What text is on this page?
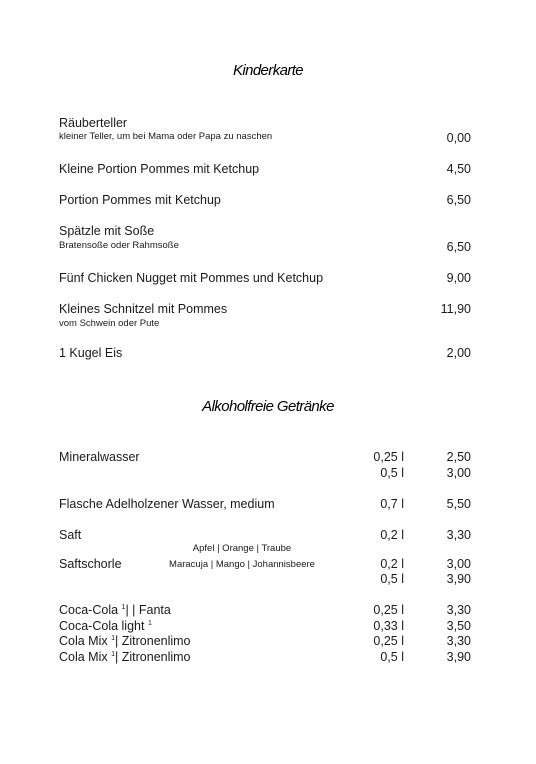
Kinderkarte
Räuberteller
kleiner Teller, um bei Mama oder Papa zu naschen	0,00
Kleine Portion Pommes mit Ketchup	4,50
Portion Pommes mit Ketchup	6,50
Spätzle mit Soße
Bratensoße oder Rahmsoße	6,50
Fünf Chicken Nugget mit Pommes und Ketchup	9,00
Kleines Schnitzel mit Pommes	11,90
vom Schwein oder Pute
1 Kugel Eis	2,00
Alkoholfreie Getränke
Mineralwasser	0,25 l	2,50
0,5 l	3,00
Flasche Adelholzener Wasser, medium	0,7 l	5,50
Saft	0,2 l	3,30
Apfel | Orange | Traube
Saftschorle	Maracuja | Mango | Johannisbeere	0,2 l	3,00
0,5 l	3,90
Coca-Cola $^1$| | Fanta	0,25 l	3,30
Coca-Cola light $^1$	0,33 l	3,50
Cola Mix $^1$| Zitronenlimo	0,25 l	3,30
Cola Mix $^1$| Zitronenlimo	0,5 l	3,90
